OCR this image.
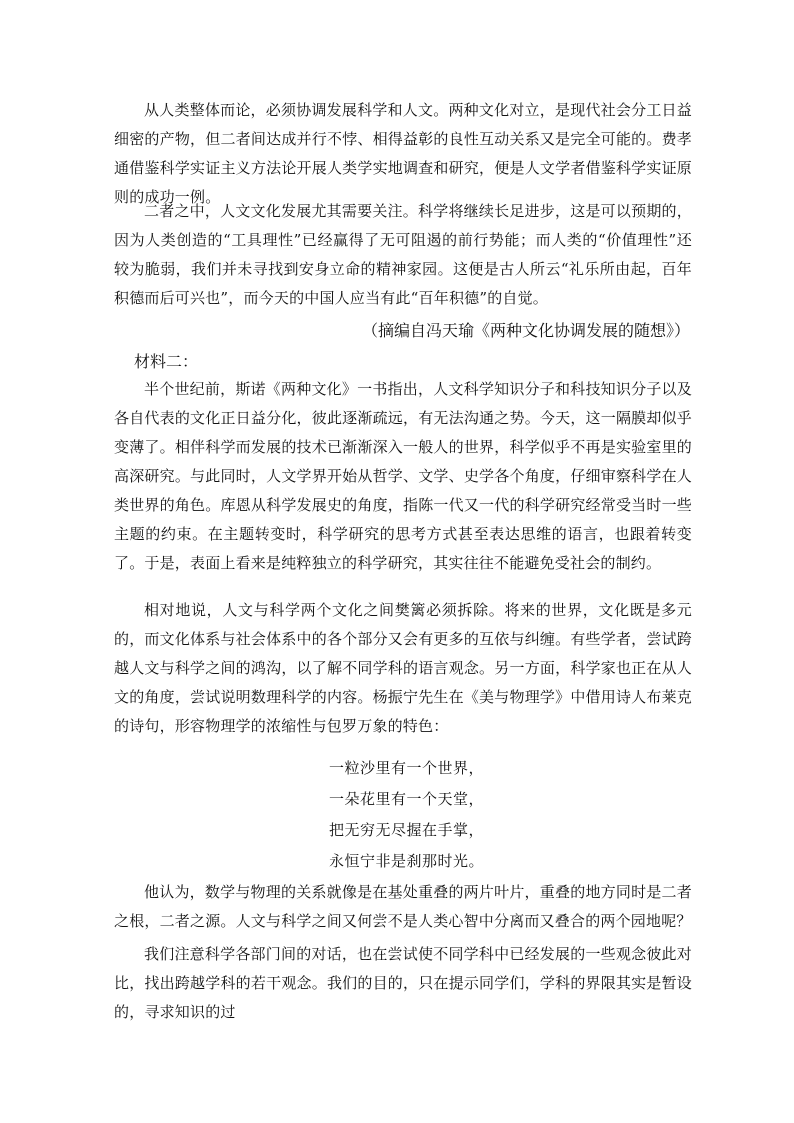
从人类整体而论，必须协调发展科学和人文。两种文化对立，是现代社会分工日益细密的产物，但二者间达成并行不悖、相得益彰的良性互动关系又是完全可能的。费孝通借鉴科学实证主义方法论开展人类学实地调查和研究，便是人文学者借鉴科学实证原则的成功一例。

二者之中，人文文化发展尤其需要关注。科学将继续长足进步，这是可以预期的，因为人类创造的“工具理性”已经赢得了无可阻遏的前行势能；而人类的“价值理性”还较为脆弱，我们并未寻找到安身立命的精神家园。这便是古人所云“礼乐所由起，百年积德而后可兴也”，而今天的中国人应当有此“百年积德”的自觉。

（摘编自冯天瑜《两种文化协调发展的随想》）
材料二：

半个世纪前，斯诺《两种文化》一书指出，人文科学知识分子和科技知识分子以及各自代表的文化正日益分化，彼此逐渐疏远，有无法沟通之势。今天，这一隔膜却似乎变薄了。相伴科学而发展的技术已渐渐深入一般人的世界，科学似乎不再是实验室里的高深研究。与此同时，人文学界开始从哲学、文学、史学各个角度，仔细审察科学在人类世界的角色。库恩从科学发展史的角度，指陈一代又一代的科学研究经常受当时一些主题的约束。在主题转变时，科学研究的思考方式甚至表达思维的语言，也跟着转变了。于是，表面上看来是纯粹独立的科学研究，其实往往不能避免受社会的制约。

相对地说，人文与科学两个文化之间樊篱必须拆除。将来的世界，文化既是多元的，而文化体系与社会体系中的各个部分又会有更多的互依与纠缠。有些学者，尝试跨越人文与科学之间的鸿沟，以了解不同学科的语言观念。另一方面，科学家也正在从人文的角度，尝试说明数理科学的内容。杨振宁先生在《美与物理学》中借用诗人布莱克的诗句，形容物理学的浓缩性与包罗万象的特色：

一粒沙里有一个世界，
一朵花里有一个天堂，
把无穷无尽握在手掌，
永恒宁非是刹那时光。

他认为，数学与物理的关系就像是在基处重叠的两片叶片，重叠的地方同时是二者之根，二者之源。人文与科学之间又何尝不是人类心智中分离而又叠合的两个园地呢？

我们注意科学各部门间的对话，也在尝试使不同学科中已经发展的一些观念彼此对比，找出跨越学科的若干观念。我们的目的，只在提示同学们，学科的界限其实是暂设的，寻求知识的过
